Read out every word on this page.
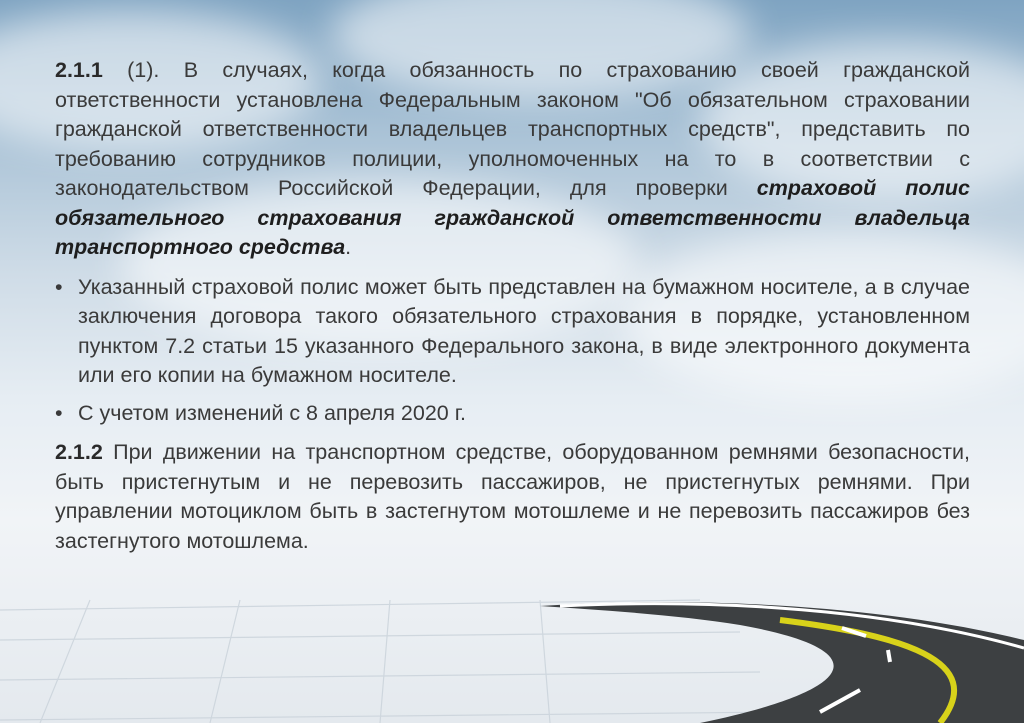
2.1.1 (1). В случаях, когда обязанность по страхованию своей гражданской ответственности установлена Федеральным законом "Об обязательном страховании гражданской ответственности владельцев транспортных средств", представить по требованию сотрудников полиции, уполномоченных на то в соответствии с законодательством Российской Федерации, для проверки страховой полис обязательного страхования гражданской ответственности владельца транспортного средства.

• Указанный страховой полис может быть представлен на бумажном носителе, а в случае заключения договора такого обязательного страхования в порядке, установленном пунктом 7.2 статьи 15 указанного Федерального закона, в виде электронного документа или его копии на бумажном носителе.
• С учетом изменений с 8 апреля 2020 г.

2.1.2 При движении на транспортном средстве, оборудованном ремнями безопасности, быть пристегнутым и не перевозить пассажиров, не пристегнутых ремнями. При управлении мотоциклом быть в застегнутом мотошлеме и не перевозить пассажиров без застегнутого мотошлема.
